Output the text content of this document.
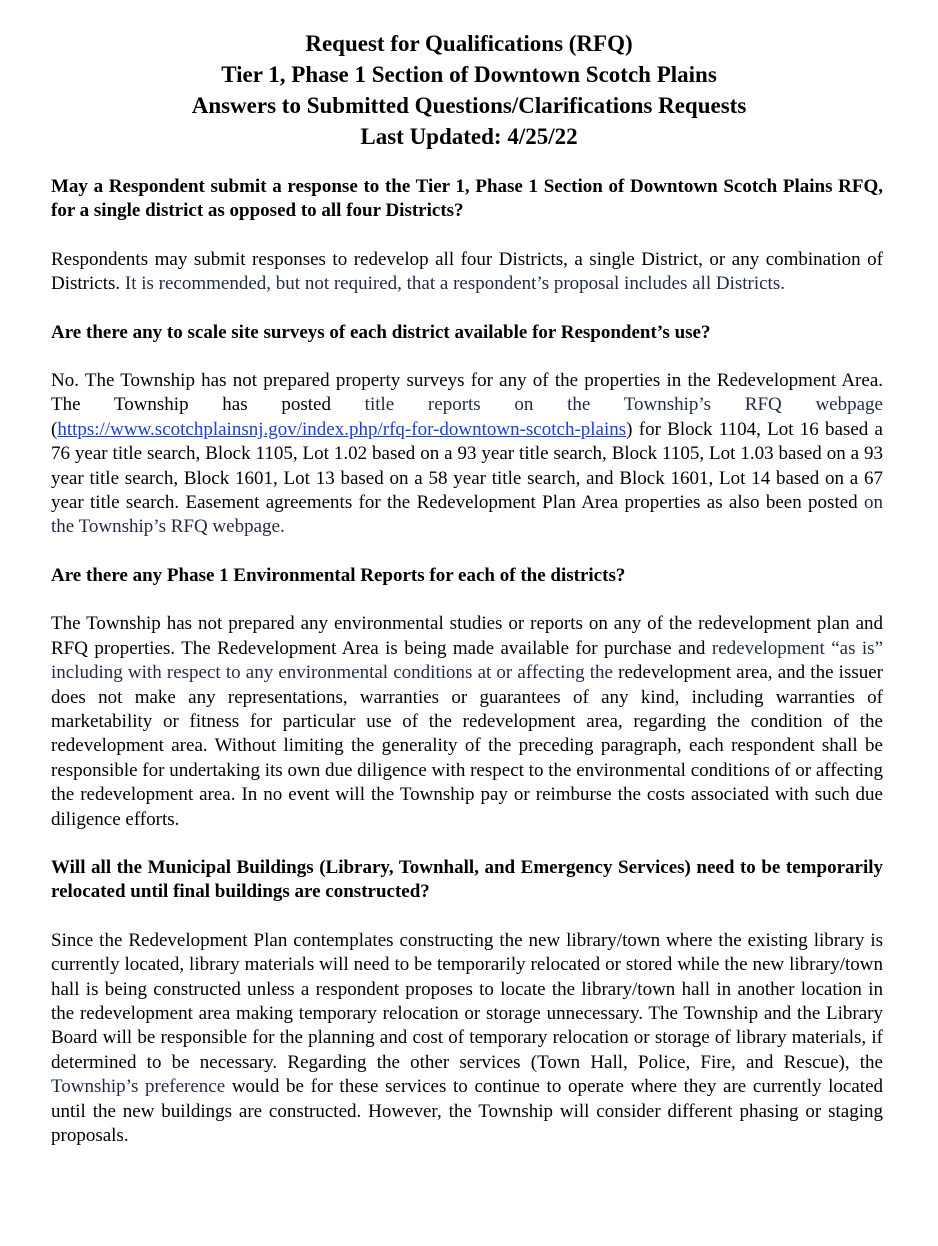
Request for Qualifications (RFQ)
Tier 1, Phase 1 Section of Downtown Scotch Plains
Answers to Submitted Questions/Clarifications Requests
Last Updated: 4/25/22

May a Respondent submit a response to the Tier 1, Phase 1 Section of Downtown Scotch Plains RFQ, for a single district as opposed to all four Districts?

Respondents may submit responses to redevelop all four Districts, a single District, or any combination of Districts. It is recommended, but not required, that a respondent’s proposal includes all Districts.

Are there any to scale site surveys of each district available for Respondent’s use?

No. The Township has not prepared property surveys for any of the properties in the Redevelopment Area. The Township has posted title reports on the Township’s RFQ webpage (https://www.scotchplainsnj.gov/index.php/rfq-for-downtown-scotch-plains) for Block 1104, Lot 16 based a 76 year title search, Block 1105, Lot 1.02 based on a 93 year title search, Block 1105, Lot 1.03 based on a 93 year title search, Block 1601, Lot 13 based on a 58 year title search, and Block 1601, Lot 14 based on a 67 year title search. Easement agreements for the Redevelopment Plan Area properties as also been posted on the Township’s RFQ webpage.

Are there any Phase 1 Environmental Reports for each of the districts?

The Township has not prepared any environmental studies or reports on any of the redevelopment plan and RFQ properties. The Redevelopment Area is being made available for purchase and redevelopment “as is” including with respect to any environmental conditions at or affecting the redevelopment area, and the issuer does not make any representations, warranties or guarantees of any kind, including warranties of marketability or fitness for particular use of the redevelopment area, regarding the condition of the redevelopment area. Without limiting the generality of the preceding paragraph, each respondent shall be responsible for undertaking its own due diligence with respect to the environmental conditions of or affecting the redevelopment area. In no event will the Township pay or reimburse the costs associated with such due diligence efforts.

Will all the Municipal Buildings (Library, Townhall, and Emergency Services) need to be temporarily relocated until final buildings are constructed?

Since the Redevelopment Plan contemplates constructing the new library/town where the existing library is currently located, library materials will need to be temporarily relocated or stored while the new library/town hall is being constructed unless a respondent proposes to locate the library/town hall in another location in the redevelopment area making temporary relocation or storage unnecessary. The Township and the Library Board will be responsible for the planning and cost of temporary relocation or storage of library materials, if determined to be necessary. Regarding the other services (Town Hall, Police, Fire, and Rescue), the Township’s preference would be for these services to continue to operate where they are currently located until the new buildings are constructed. However, the Township will consider different phasing or staging proposals.
